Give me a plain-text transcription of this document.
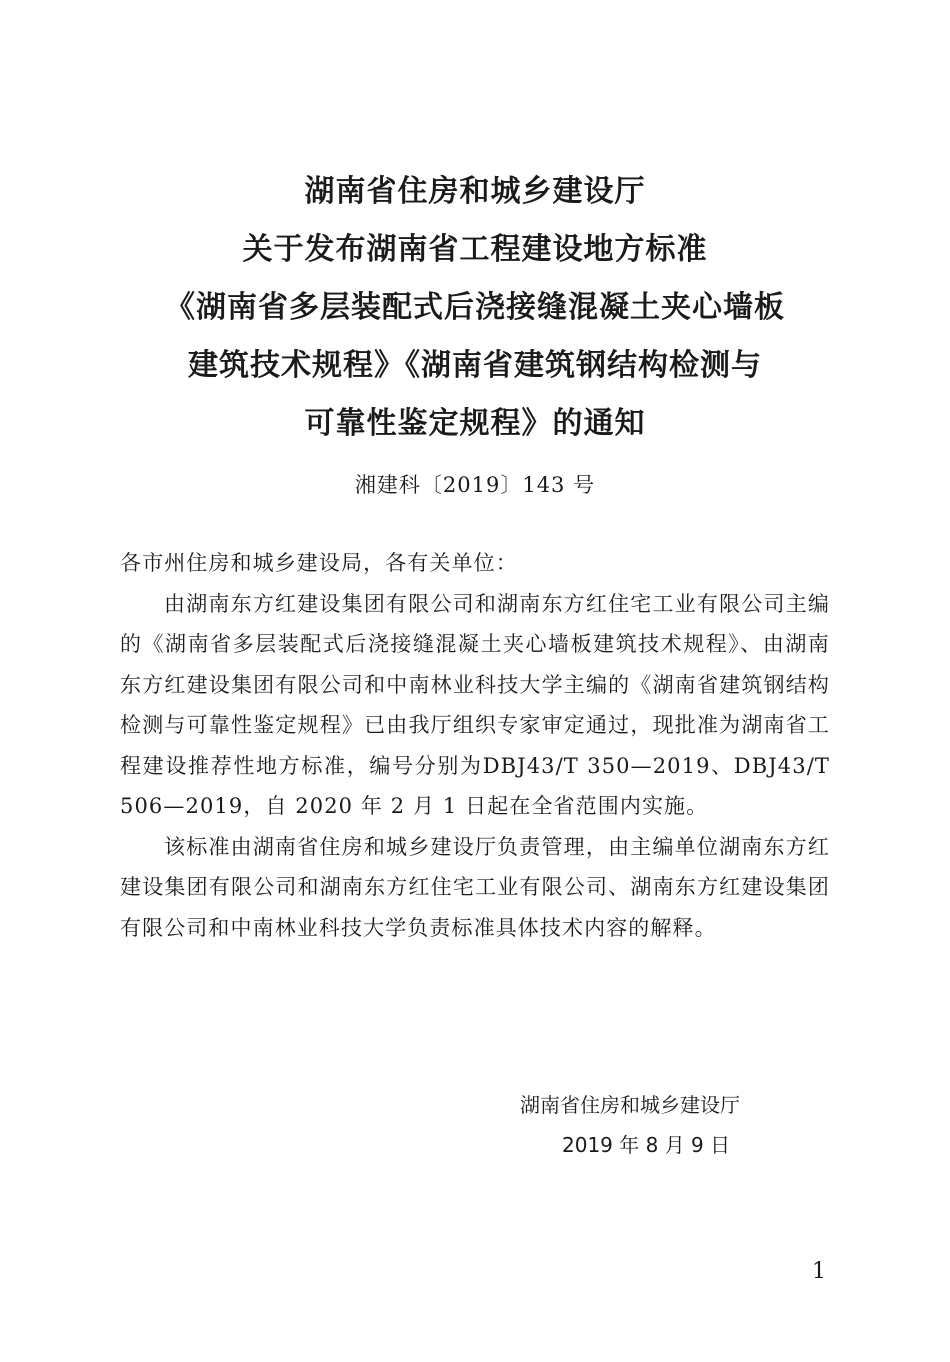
湖南省住房和城乡建设厅
关于发布湖南省工程建设地方标准
《湖南省多层装配式后浇接缝混凝土夹心墙板
建筑技术规程》《湖南省建筑钢结构检测与
可靠性鉴定规程》的通知
湘建科〔2019〕143 号

各市州住房和城乡建设局，各有关单位：

由湖南东方红建设集团有限公司和湖南东方红住宅工业有限公司主编的《湖南省多层装配式后浇接缝混凝土夹心墙板建筑技术规程》、由湖南东方红建设集团有限公司和中南林业科技大学主编的《湖南省建筑钢结构检测与可靠性鉴定规程》已由我厅组织专家审定通过，现批准为湖南省工程建设推荐性地方标准，编号分别为DBJ43/T 350—2019、DBJ43/T 506—2019，自 2020 年 2 月 1 日起在全省范围内实施。

该标准由湖南省住房和城乡建设厅负责管理，由主编单位湖南东方红建设集团有限公司和湖南东方红住宅工业有限公司、湖南东方红建设集团有限公司和中南林业科技大学负责标准具体技术内容的解释。

湖南省住房和城乡建设厅
2019 年 8 月 9 日
1
